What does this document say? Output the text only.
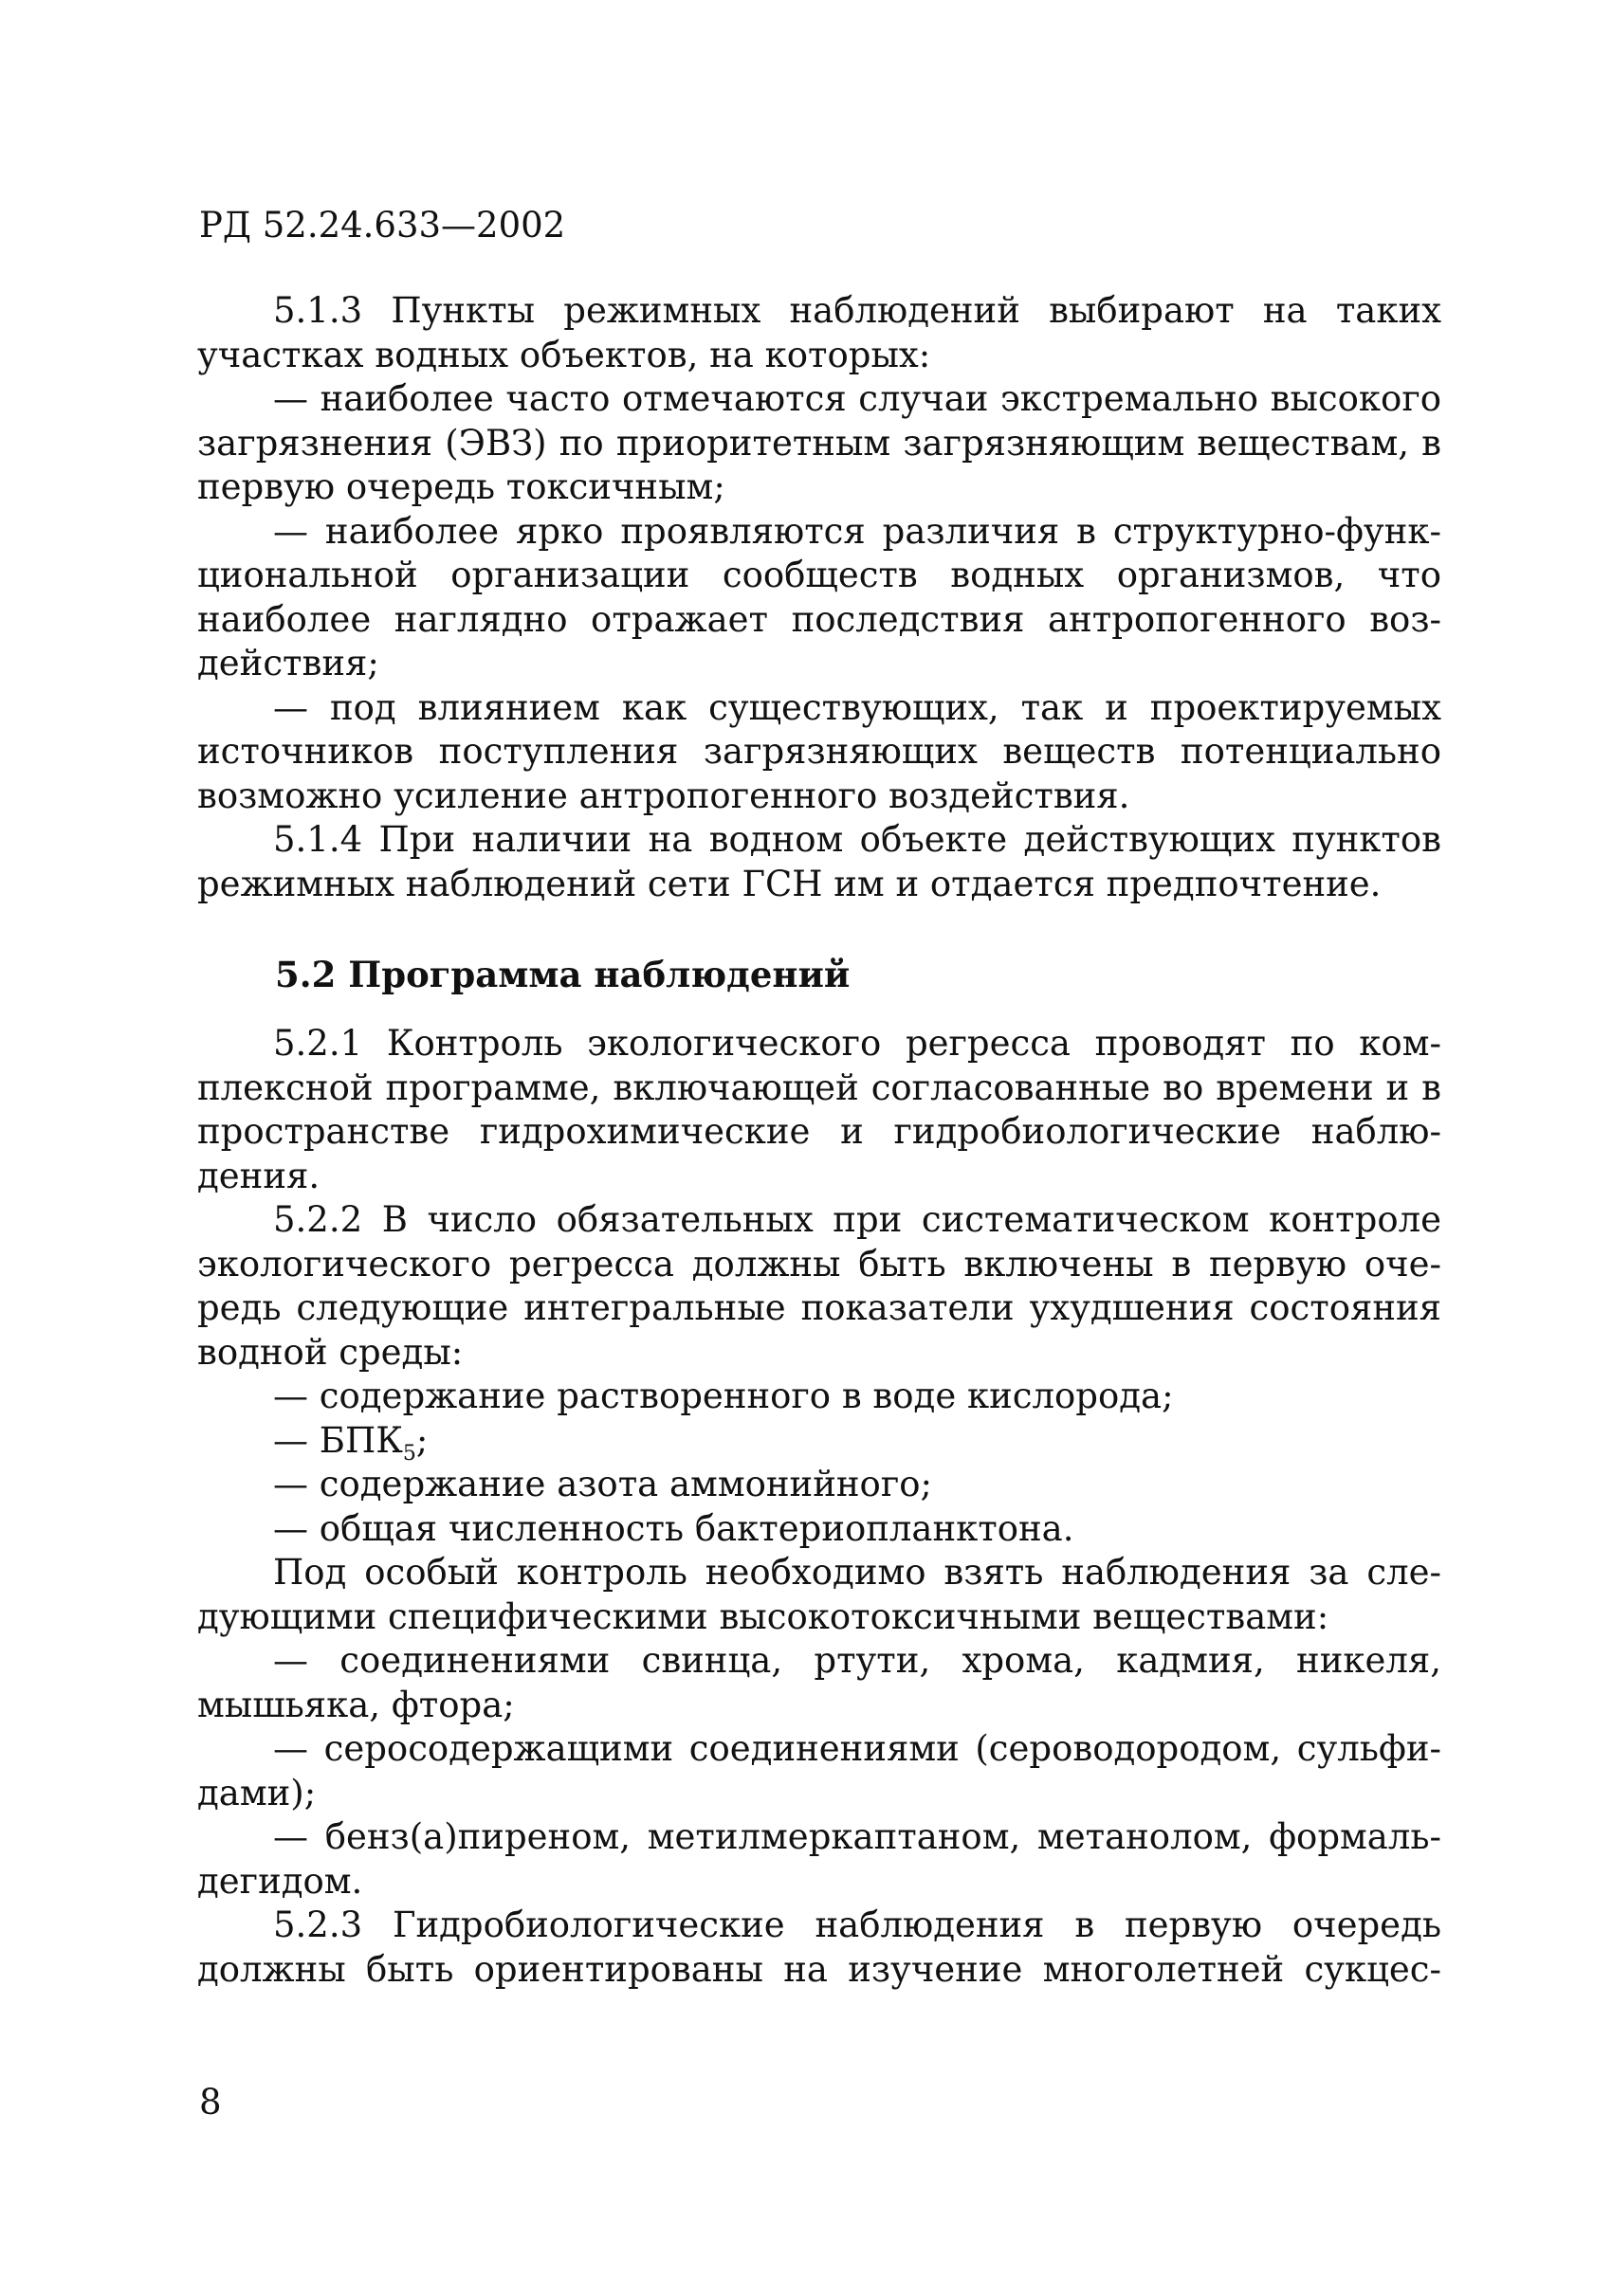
РД 52.24.633—2002

5.1.3 Пункты режимных наблюдений выбирают на таких

участках водных объектов, на которых:

— наиболее часто отмечаются случаи экстремально высокого

загрязнения (ЭВЗ) по приоритетным загрязняющим веществам, в

первую очередь токсичным;

— наиболее ярко проявляются различия в структурно-функ-

циональной организации сообществ водных организмов, что

наиболее наглядно отражает последствия антропогенного воз-

действия;

— под влиянием как существующих, так и проектируемых

источников поступления загрязняющих веществ потенциально

возможно усиление антропогенного воздействия.

5.1.4 При наличии на водном объекте действующих пунктов

режимных наблюдений сети ГСН им и отдается предпочтение.

5.2 Программа наблюдений

5.2.1 Контроль экологического регресса проводят по ком-

плексной программе, включающей согласованные во времени и в

пространстве гидрохимические и гидробиологические наблю-

дения.

5.2.2 В число обязательных при систематическом контроле

экологического регресса должны быть включены в первую оче-

редь следующие интегральные показатели ухудшения состояния

водной среды:

— содержание растворенного в воде кислорода;

— $БПК_5$;

— содержание азота аммонийного;

— общая численность бактериопланктона.

Под особый контроль необходимо взять наблюдения за сле-

дующими специфическими высокотоксичными веществами:

— соединениями свинца, ртути, хрома, кадмия, никеля,

мышьяка, фтора;

— серосодержащими соединениями (сероводородом, сульфи-

дами);

— бенз(а)пиреном, метилмеркаптаном, метанолом, формаль-

дегидом.

5.2.3 Гидробиологические наблюдения в первую очередь

должны быть ориентированы на изучение многолетней сукцес-

8
